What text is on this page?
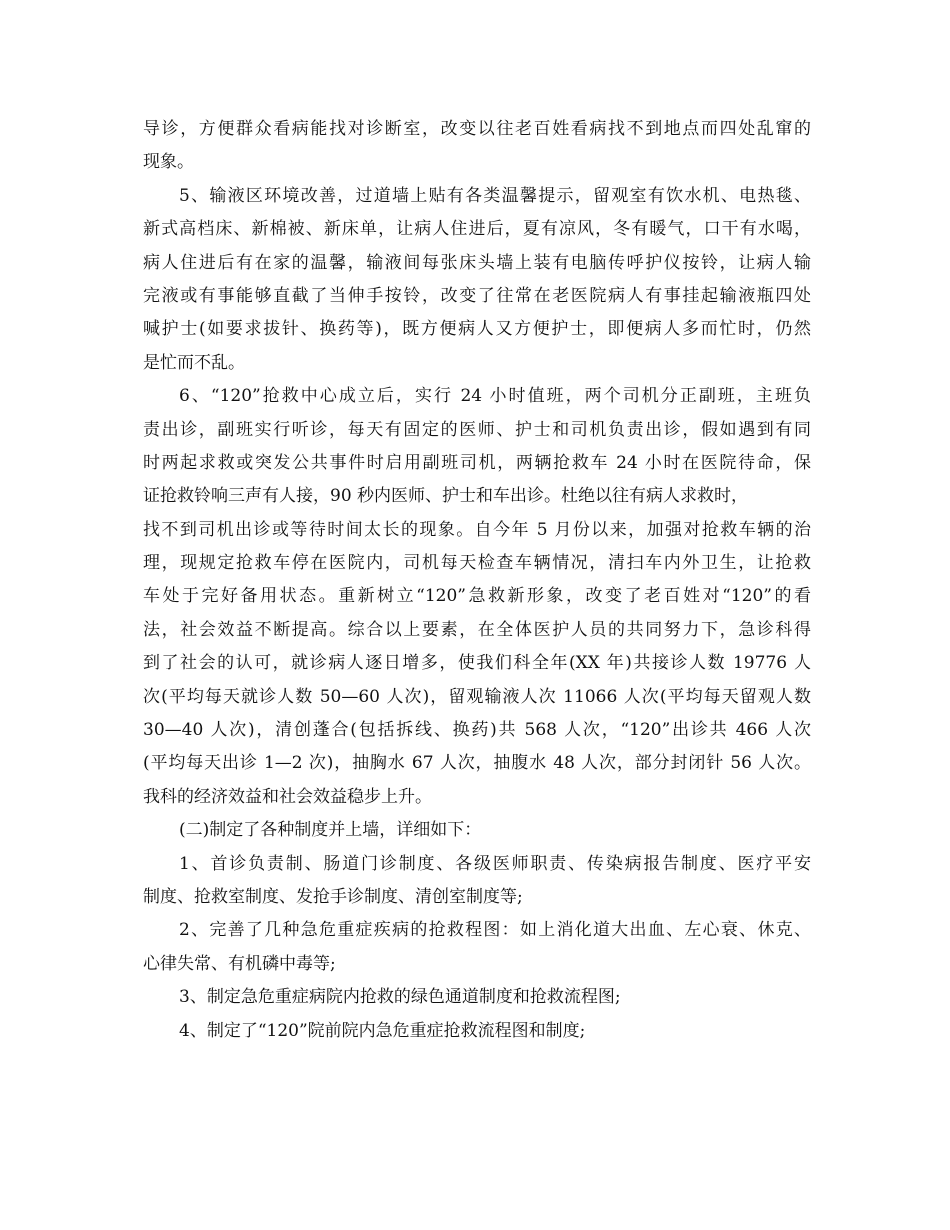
导诊，方便群众看病能找对诊断室，改变以往老百姓看病找不到地点而四处乱窜的
现象。
5、输液区环境改善，过道墙上贴有各类温馨提示，留观室有饮水机、电热毯、
新式高档床、新棉被、新床单，让病人住进后，夏有凉风，冬有暖气，口干有水喝，
病人住进后有在家的温馨，输液间每张床头墙上装有电脑传呼护仪按铃，让病人输
完液或有事能够直截了当伸手按铃，改变了往常在老医院病人有事挂起输液瓶四处
喊护士(如要求拔针、换药等)，既方便病人又方便护士，即便病人多而忙时，仍然
是忙而不乱。
6、“120”抢救中心成立后，实行 24 小时值班，两个司机分正副班，主班负
责出诊，副班实行听诊，每天有固定的医师、护士和司机负责出诊，假如遇到有同
时两起求救或突发公共事件时启用副班司机，两辆抢救车 24 小时在医院待命，保
证抢救铃响三声有人接，90 秒内医师、护士和车出诊。杜绝以往有病人求救时，
找不到司机出诊或等待时间太长的现象。自今年 5 月份以来，加强对抢救车辆的治
理，现规定抢救车停在医院内，司机每天检查车辆情况，清扫车内外卫生，让抢救
车处于完好备用状态。重新树立“120”急救新形象，改变了老百姓对“120”的看
法，社会效益不断提高。综合以上要素，在全体医护人员的共同努力下，急诊科得
到了社会的认可，就诊病人逐日增多，使我们科全年(XX 年)共接诊人数 19776 人
次(平均每天就诊人数 50—60 人次)，留观输液人次 11066 人次(平均每天留观人数
30—40 人次)，清创蓬合(包括拆线、换药)共 568 人次，“120”出诊共 466 人次
(平均每天出诊 1—2 次)，抽胸水 67 人次，抽腹水 48 人次，部分封闭针 56 人次。
我科的经济效益和社会效益稳步上升。
(二)制定了各种制度并上墙，详细如下：
1、首诊负责制、肠道门诊制度、各级医师职责、传染病报告制度、医疗平安
制度、抢救室制度、发抢手诊制度、清创室制度等;
2、完善了几种急危重症疾病的抢救程图：如上消化道大出血、左心衰、休克、
心律失常、有机磷中毒等;
3、制定急危重症病院内抢救的绿色通道制度和抢救流程图;
4、制定了“120”院前院内急危重症抢救流程图和制度;
